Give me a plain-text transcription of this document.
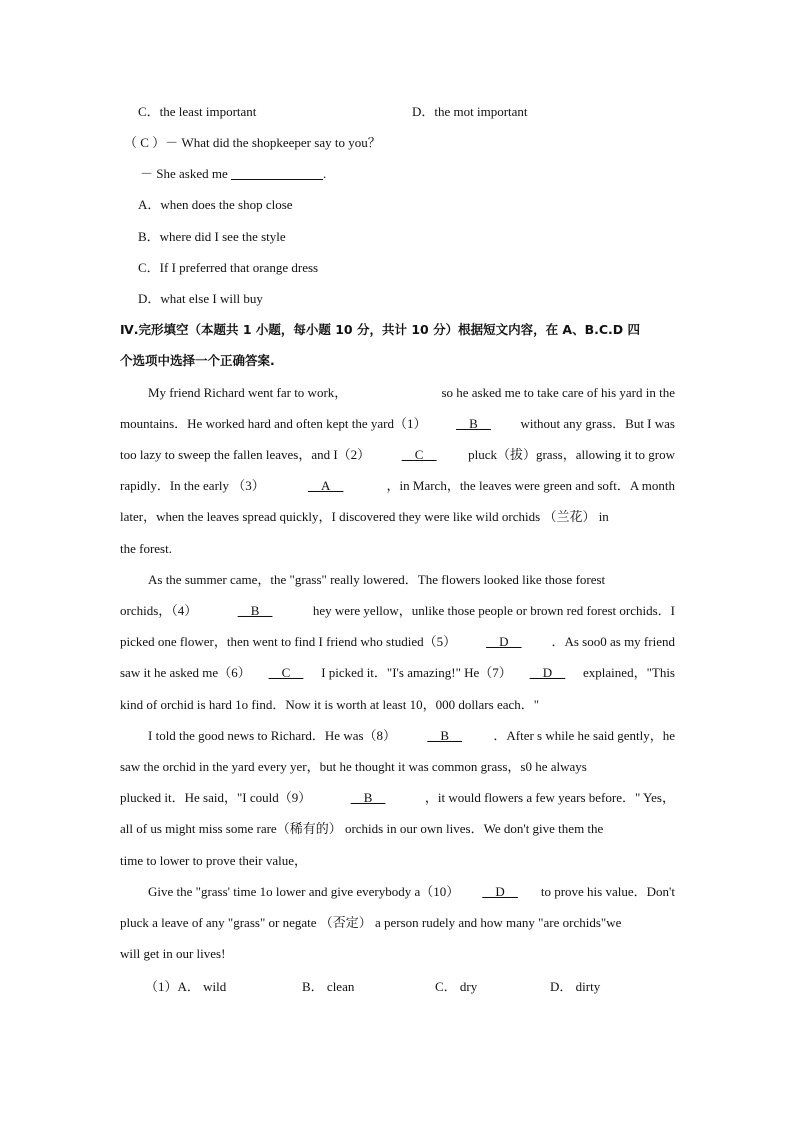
C．the least important	D．the mot important
（ C ）－ What did the shopkeeper say to you？
－ She asked me	.
A．when does the shop close
B．where did I see the style
C．If I preferred that orange dress
D．what else I will buy
Ⅳ.完形填空（本题共 1 小题，每小题 10 分，共计 10 分）根据短文内容，在 A、B.C.D 四
个选项中选择一个正确答案.
My friend Richard went far to work，	so he asked me to take care of his yard in the
mountains．He worked hard and often kept the yard（1） __B__ without any grass．But I was
too lazy to sweep the fallen leaves，and I（2） __C__ pluck（拔）grass，allowing it to grow
rapidly．In the early （3）	__A__	，in March，the leaves were green and soft．A month
later，when the leaves spread quickly，I discovered they were like wild orchids （兰花） in
the forest.
As the summer came，the "grass" really lowered．The flowers looked like those forest
orchids，（4）	__B__	hey were yellow，unlike those people or brown red forest orchids．I
picked one flower，then went to find I friend who studied（5） __D__ ．As soo0 as my friend
saw it he asked me（6） __C__ I picked it．"I's amazing!" He（7） __D__ explained，"This
kind of orchid is hard 1o find．Now it is worth at least 10，000 dollars each．"
I told the good news to Richard．He was（8） __B__ ．After s while he said gently，he
saw the orchid in the yard every yer，but he thought it was common grass，s0 he always
plucked it．He said，"I could（9）	__B__	，it would flowers a few years before．" Yes，
all of us might miss some rare（稀有的） orchids in our own lives．We don't give them the
time to lower to prove their value，
Give the "grass' time 1o lower and give everybody a（10） __D__ to prove his value．Don't
pluck a leave of any "grass" or negate （否定） a person rudely and how many "are orchids"we
will get in our lives!
（1）A． wild	B． clean	C． dry	D． dirty
